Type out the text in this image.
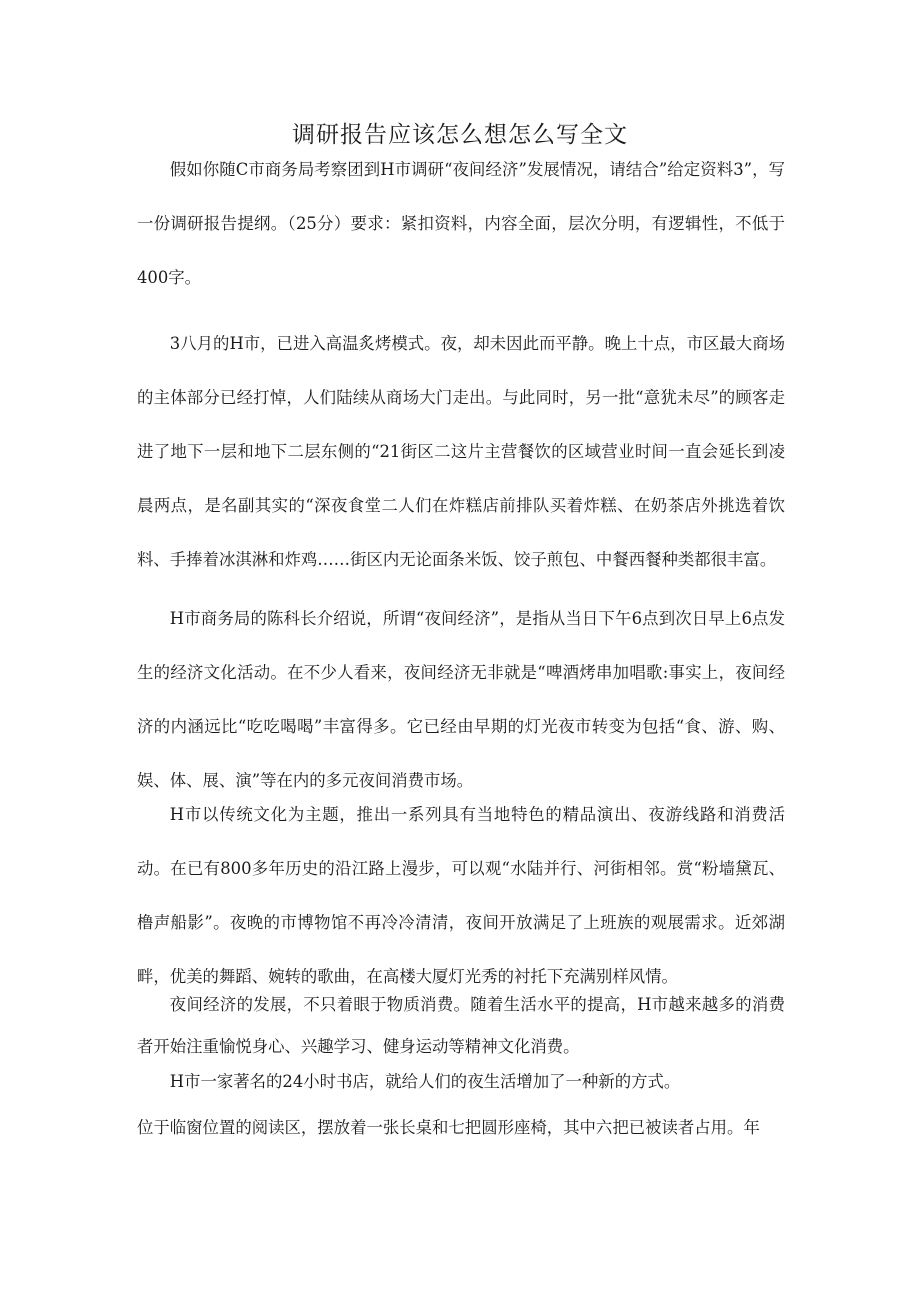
调研报告应该怎么想怎么写全文

假如你随C市商务局考察团到H市调研“夜间经济”发展情况，请结合”给定资料3”，写一份调研报告提纲。（25分）要求：紧扣资料，内容全面，层次分明，有逻辑性，不低于400字。

3八月的H市，已进入高温炙烤模式。夜，却未因此而平静。晚上十点，市区最大商场的主体部分已经打悼，人们陆续从商场大门走出。与此同时，另一批“意犹未尽”的顾客走进了地下一层和地下二层东侧的“21街区二这片主营餐饮的区域营业时间一直会延长到凌晨两点，是名副其实的“深夜食堂二人们在炸糕店前排队买着炸糕、在奶茶店外挑选着饮料、手捧着冰淇淋和炸鸡……街区内无论面条米饭、饺子煎包、中餐西餐种类都很丰富。

H市商务局的陈科长介绍说，所谓“夜间经济”，是指从当日下午6点到次日早上6点发生的经济文化活动。在不少人看来，夜间经济无非就是“啤酒烤串加唱歌:事实上，夜间经济的内涵远比“吃吃喝喝”丰富得多。它已经由早期的灯光夜市转变为包括“食、游、购、娱、体、展、演”等在内的多元夜间消费市场。

H市以传统文化为主题，推出一系列具有当地特色的精品演出、夜游线路和消费活动。在已有800多年历史的沿江路上漫步，可以观“水陆并行、河街相邻。赏“粉墙黛瓦、橹声船影”。夜晚的市博物馆不再冷冷清清，夜间开放满足了上班族的观展需求。近郊湖畔，优美的舞蹈、婉转的歌曲，在高楼大厦灯光秀的衬托下充满别样风情。

夜间经济的发展，不只着眼于物质消费。随着生活水平的提高，H市越来越多的消费者开始注重愉悦身心、兴趣学习、健身运动等精神文化消费。

H市一家著名的24小时书店，就给人们的夜生活增加了一种新的方式。

位于临窗位置的阅读区，摆放着一张长桌和七把圆形座椅，其中六把已被读者占用。年
